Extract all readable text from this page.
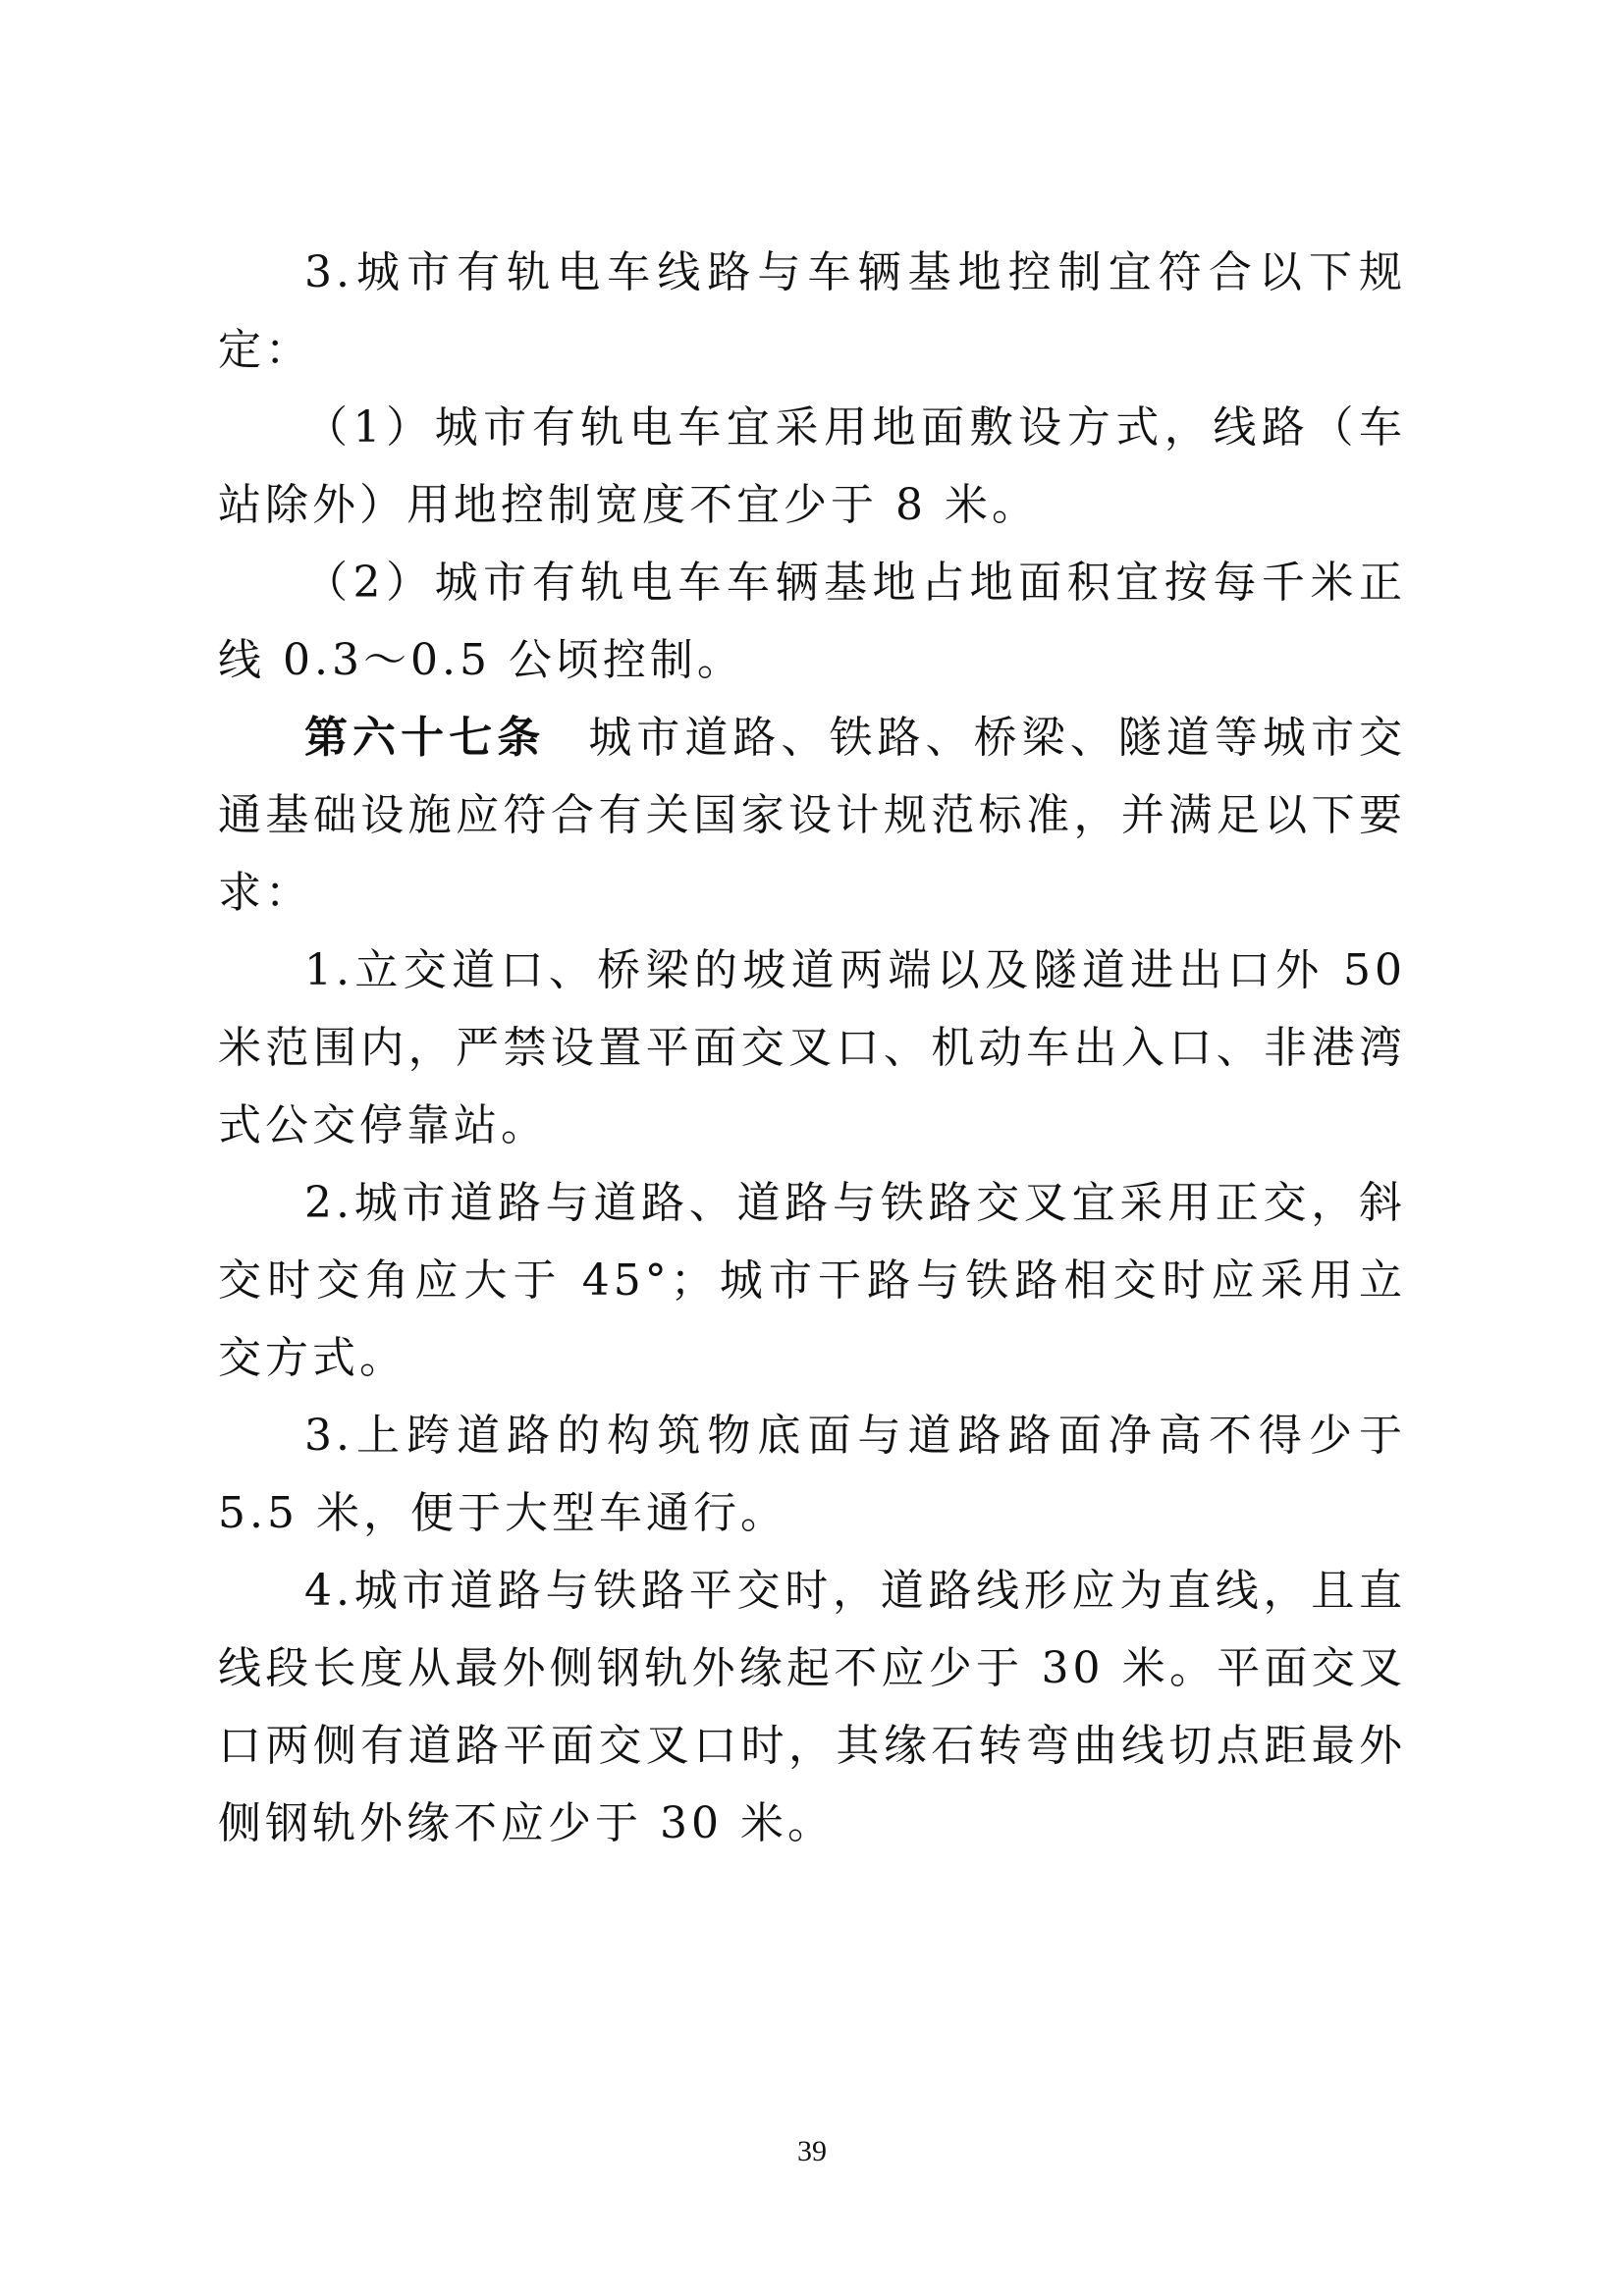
3.城市有轨电车线路与车辆基地控制宜符合以下规定：

（1）城市有轨电车宜采用地面敷设方式，线路（车站除外）用地控制宽度不宜少于 8 米。

（2）城市有轨电车车辆基地占地面积宜按每千米正线 0.3～0.5 公顷控制。

第六十七条 城市道路、铁路、桥梁、隧道等城市交通基础设施应符合有关国家设计规范标准，并满足以下要求：

1.立交道口、桥梁的坡道两端以及隧道进出口外 50 米范围内，严禁设置平面交叉口、机动车出入口、非港湾式公交停靠站。

2.城市道路与道路、道路与铁路交叉宜采用正交，斜交时交角应大于 45°；城市干路与铁路相交时应采用立交方式。

3.上跨道路的构筑物底面与道路路面净高不得少于 5.5 米，便于大型车通行。

4.城市道路与铁路平交时，道路线形应为直线，且直线段长度从最外侧钢轨外缘起不应少于 30 米。平面交叉口两侧有道路平面交叉口时，其缘石转弯曲线切点距最外侧钢轨外缘不应少于 30 米。

39
